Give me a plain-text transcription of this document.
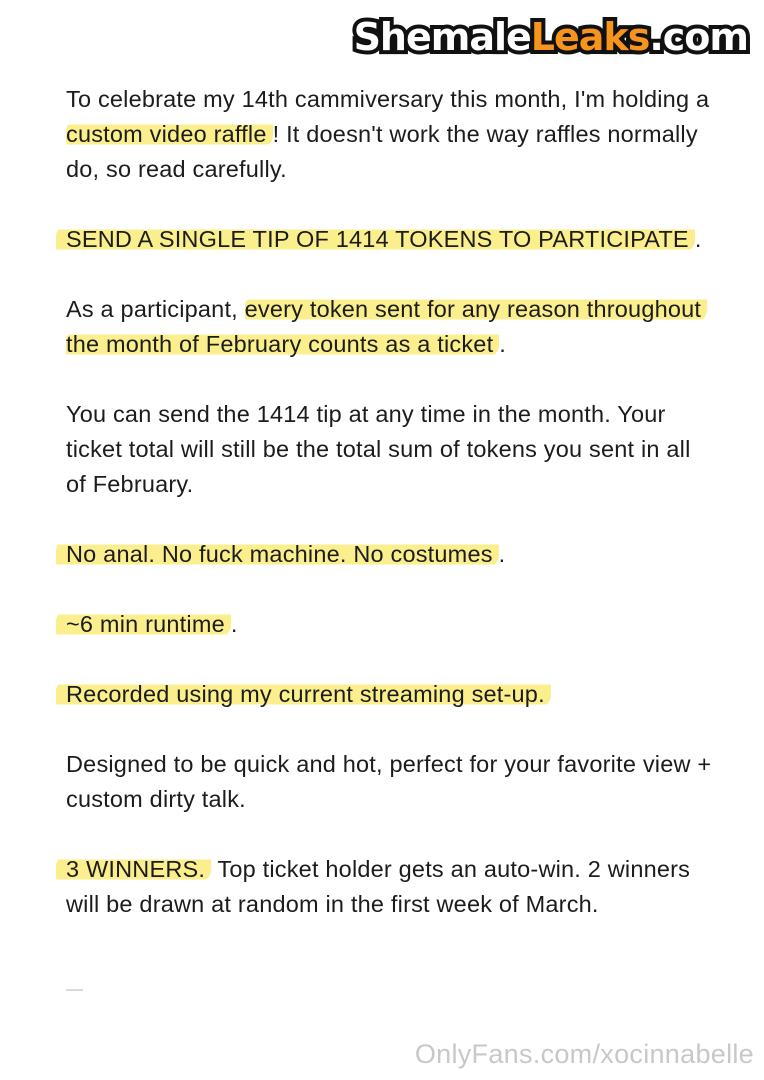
ShemaleLeaks.com

To celebrate my 14th cammiversary this month, I'm holding a custom video raffle ! It doesn't work the way raffles normally do, so read carefully.

SEND A SINGLE TIP OF 1414 TOKENS TO PARTICIPATE .

As a participant, every token sent for any reason throughout the month of February counts as a ticket .

You can send the 1414 tip at any time in the month. Your ticket total will still be the total sum of tokens you sent in all of February.

No anal. No fuck machine. No costumes .

~6 min runtime .

Recorded using my current streaming set-up.

Designed to be quick and hot, perfect for your favorite view + custom dirty talk.

3 WINNERS. Top ticket holder gets an auto-win. 2 winners will be drawn at random in the first week of March.

OnlyFans.com/xocinnabelle
